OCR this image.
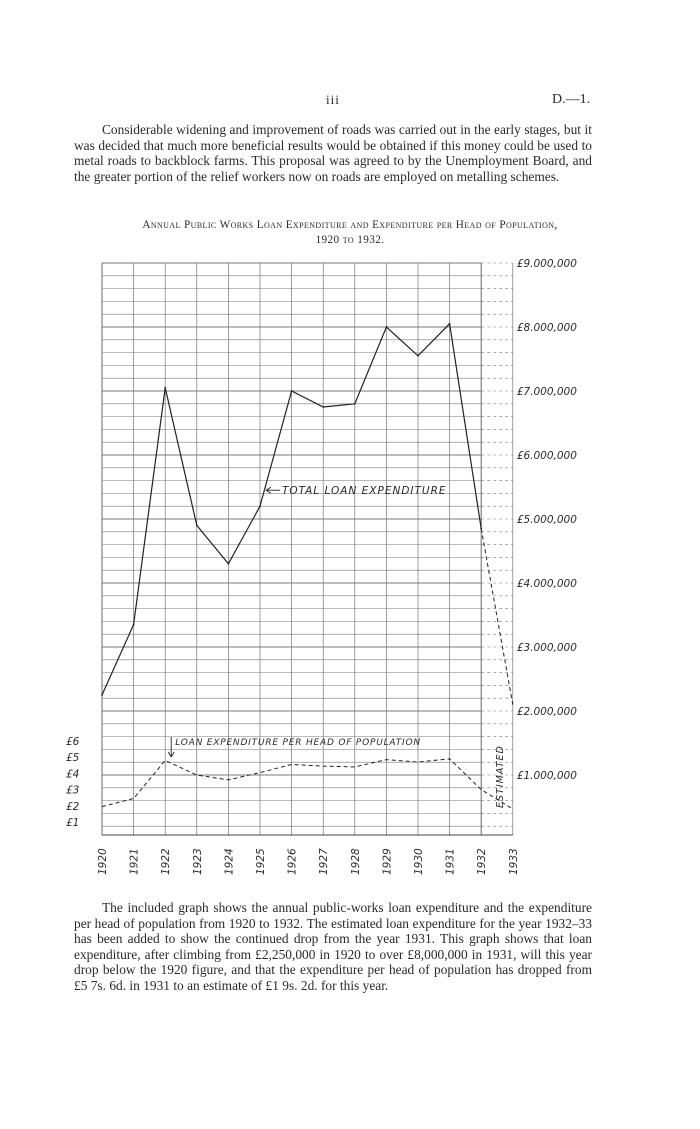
iii	D.—1.

Considerable widening and improvement of roads was carried out in the early stages, but it was decided that much more beneficial results would be obtained if this money could be used to metal roads to backblock farms. This proposal was agreed to by the Unemployment Board, and the greater portion of the relief workers now on roads are employed on metalling schemes.

Annual Public Works Loan Expenditure and Expenditure per Head of Population,
1920 to 1932.
£1.000,000
£2.000,000
£3.000,000
£4.000,000
£5.000,000
£6.000,000
£7.000,000
£8.000,000
£9.000,000
£1
£2
£3
£4
£5
£6
1920 1921 1922 1923 1924 1925 1926 1927 1928 1929 1930 1931 1932 1933
TOTAL LOAN EXPENDITURE
LOAN EXPENDITURE PER HEAD OF POPULATION
ESTIMATED

The included graph shows the annual public-works loan expenditure and the expenditure per head of population from 1920 to 1932. The estimated loan expenditure for the year 1932–33 has been added to show the continued drop from the year 1931. This graph shows that loan expenditure, after climbing from £2,250,000 in 1920 to over £8,000,000 in 1931, will this year drop below the 1920 figure, and that the expenditure per head of population has dropped from £5 7s. 6d. in 1931 to an estimate of £1 9s. 2d. for this year.
